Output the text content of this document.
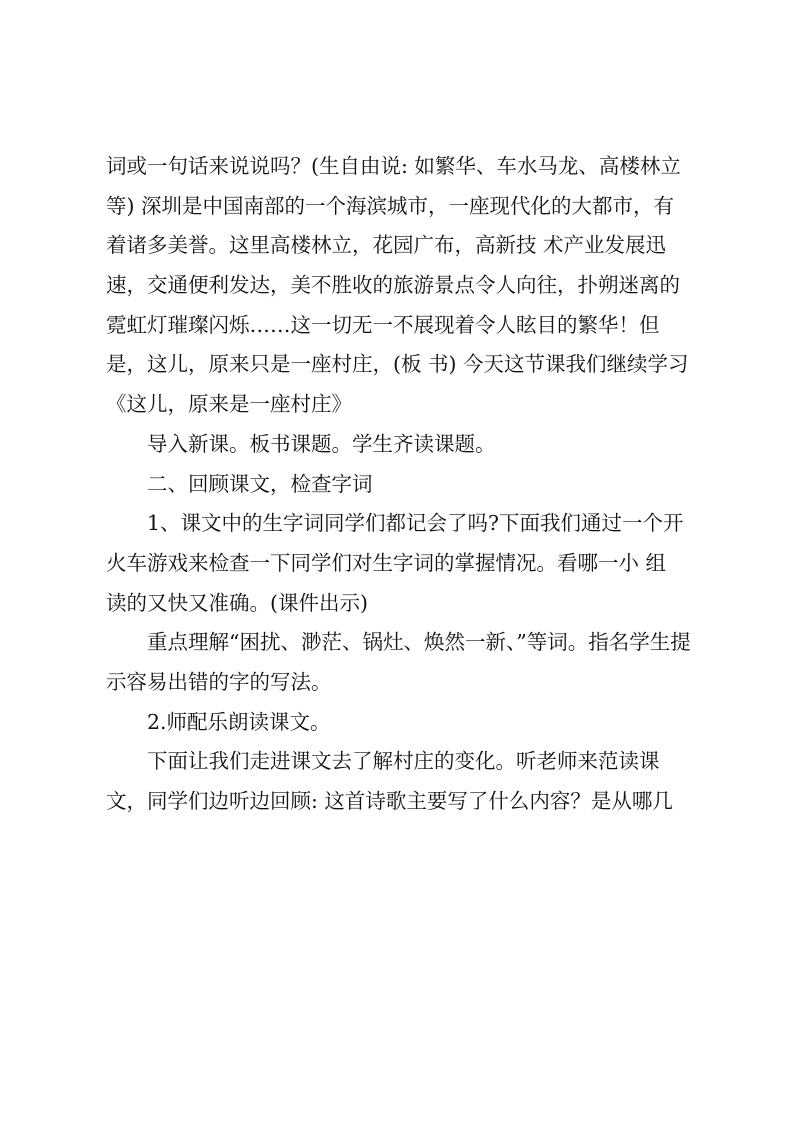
词或一句话来说说吗？(生自由说: 如繁华、车水马龙、高楼林立
等) 深圳是中国南部的一个海滨城市，一座现代化的大都市，有
着诸多美誉。这里高楼林立，花园广布，高新技 术产业发展迅
速，交通便利发达，美不胜收的旅游景点令人向往，扑朔迷离的
霓虹灯璀璨闪烁……这一切无一不展现着令人眩目的繁华！但
是，这儿，原来只是一座村庄，(板 书) 今天这节课我们继续学习
《这儿，原来是一座村庄》
导入新课。板书课题。学生齐读课题。
二、回顾课文，检查字词
1、课文中的生字词同学们都记会了吗?下面我们通过一个开
火车游戏来检查一下同学们对生字词的掌握情况。看哪一小 组
读的又快又准确。(课件出示)
重点理解“困扰、渺茫、锅灶、焕然一新、”等词。指名学生提
示容易出错的字的写法。
2.师配乐朗读课文。
下面让我们走进课文去了解村庄的变化。听老师来范读课
文，同学们边听边回顾: 这首诗歌主要写了什么内容？是从哪几
